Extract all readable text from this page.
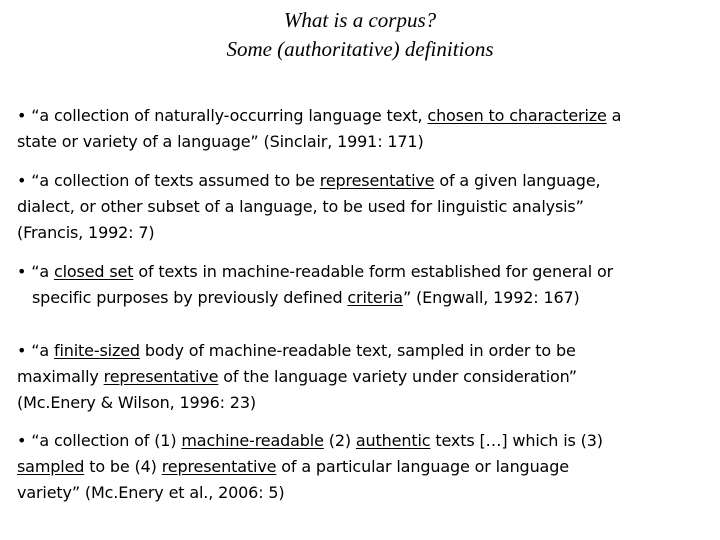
What is a corpus?
Some (authoritative) definitions
• “a collection of naturally-occurring language text, chosen to characterize a
state or variety of a language” (Sinclair, 1991: 171)
• “a collection of texts assumed to be representative of a given language,
dialect, or other subset of a language, to be used for linguistic analysis”
(Francis, 1992: 7)
• “a closed set of texts in machine-readable form established for general or
specific purposes by previously defined criteria” (Engwall, 1992: 167)
• “a finite-sized body of machine-readable text, sampled in order to be
maximally representative of the language variety under consideration”
(Mc.Enery & Wilson, 1996: 23)
• “a collection of (1) machine-readable (2) authentic texts […] which is (3)
sampled to be (4) representative of a particular language or language
variety” (Mc.Enery et al., 2006: 5)
